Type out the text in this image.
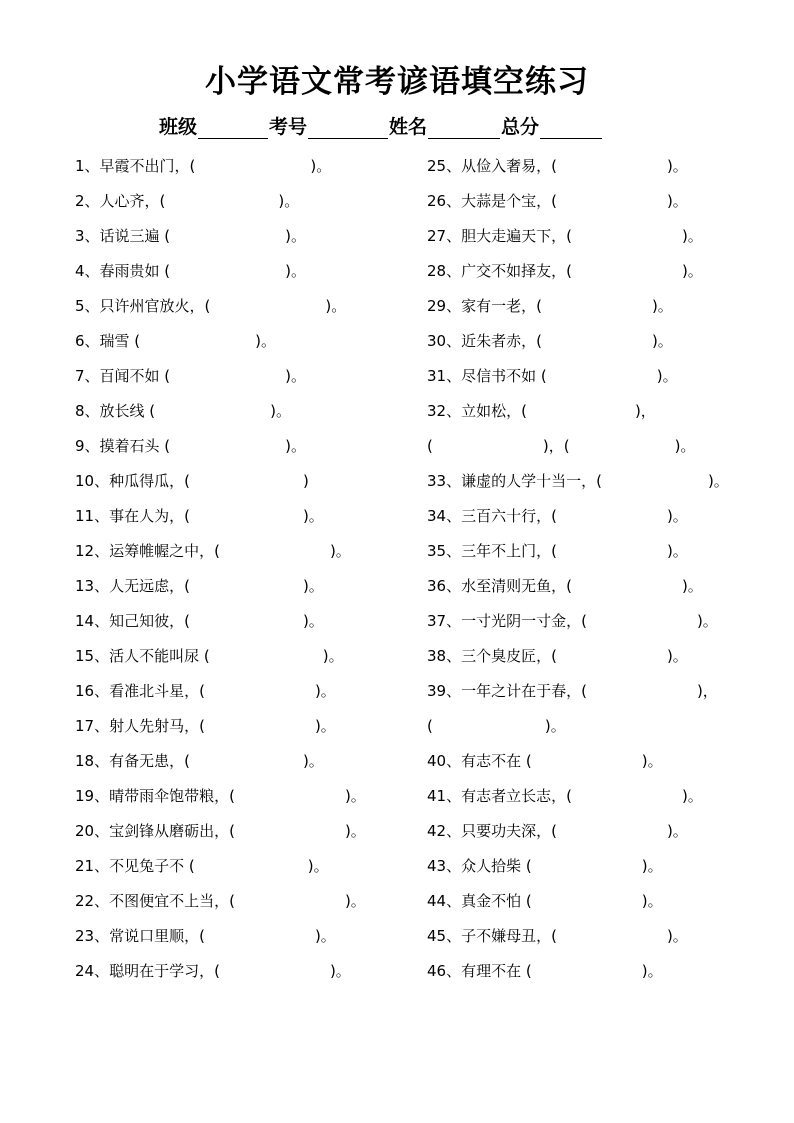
小学语文常考谚语填空练习
班级	考号	姓名	总分
1、早霞不出门，(	)。
2、人心齐，(	)。
3、话说三遍 (	)。
4、春雨贵如 (	)。
5、只许州官放火，(	)。
6、瑞雪 (	)。
7、百闻不如 (	)。
8、放长线 (	)。
9、摸着石头 (	)。
10、种瓜得瓜，(	)
11、事在人为，(	)。
12、运筹帷幄之中，(	)。
13、人无远虑，(	)。
14、知己知彼，(	)。
15、活人不能叫尿 (	)。
16、看准北斗星，(	)。
17、射人先射马，(	)。
18、有备无患，(	)。
19、晴带雨伞饱带粮，(	)。
20、宝剑锋从磨砺出，(	)。
21、不见兔子不 (	)。
22、不图便宜不上当，(	)。
23、常说口里顺，(	)。
24、聪明在于学习，(	)。
25、从俭入奢易，(	)。
26、大蒜是个宝，(	)。
27、胆大走遍天下，(	)。
28、广交不如择友，(	)。
29、家有一老，(	)。
30、近朱者赤，(	)。
31、尽信书不如 (	)。
32、立如松，(	)，
(	)，(	)。
33、谦虚的人学十当一，(	)。
34、三百六十行，(	)。
35、三年不上门，(	)。
36、水至清则无鱼，(	)。
37、一寸光阴一寸金，(	)。
38、三个臭皮匠，(	)。
39、一年之计在于春，(	)，
(	)。
40、有志不在 (	)。
41、有志者立长志，(	)。
42、只要功夫深，(	)。
43、众人拾柴 (	)。
44、真金不怕 (	)。
45、子不嫌母丑，(	)。
46、有理不在 (	)。
